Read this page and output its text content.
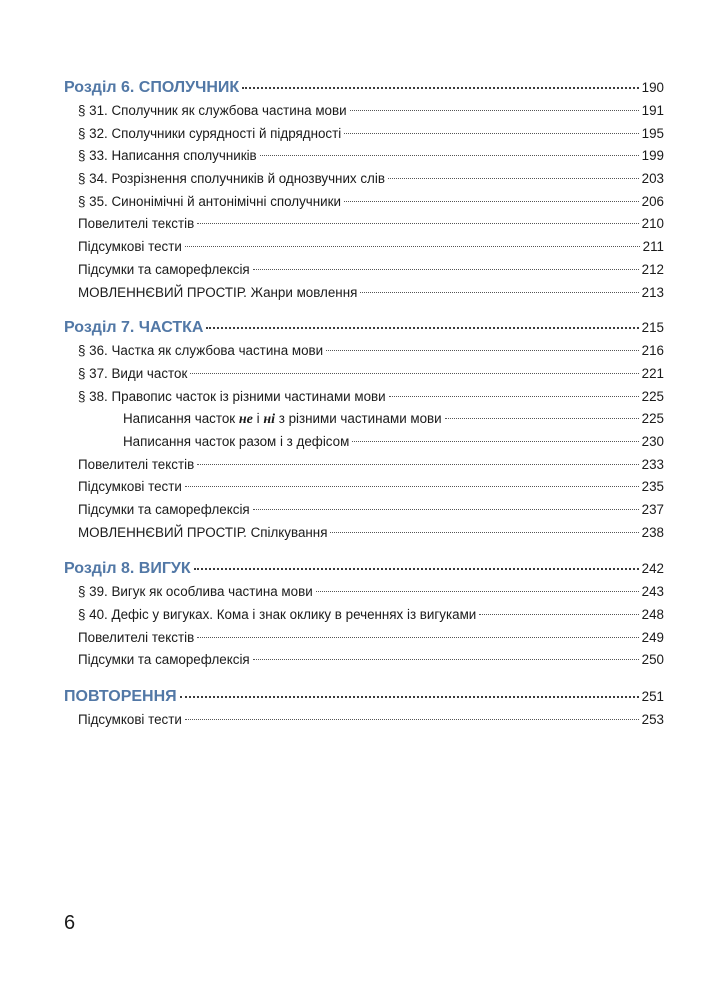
Розділ 6. СПОЛУЧНИК	190
§ 31. Сполучник як службова частина мови	191
§ 32. Сполучники сурядності й підрядності	195
§ 33. Написання сполучників	199
§ 34. Розрізнення сполучників й однозвучних слів	203
§ 35. Синонімічні й антонімічні сполучники	206
Повелителі текстів	210
Підсумкові тести	211
Підсумки та саморефлексія	212
МОВЛЕННЄВИЙ ПРОСТІР. Жанри мовлення	213
Розділ 7. ЧАСТКА	215
§ 36. Частка як службова частина мови	216
§ 37. Види часток	221
§ 38. Правопис часток із різними частинами мови	225
Написання часток не і ні з різними частинами мови	225
Написання часток разом і з дефісом	230
Повелителі текстів	233
Підсумкові тести	235
Підсумки та саморефлексія	237
МОВЛЕННЄВИЙ ПРОСТІР. Спілкування	238
Розділ 8. ВИГУК	242
§ 39. Вигук як особлива частина мови	243
§ 40. Дефіс у вигуках. Кома і знак оклику в реченнях із вигуками	248
Повелителі текстів	249
Підсумки та саморефлексія	250
ПОВТОРЕННЯ	251
Підсумкові тести	253
6
